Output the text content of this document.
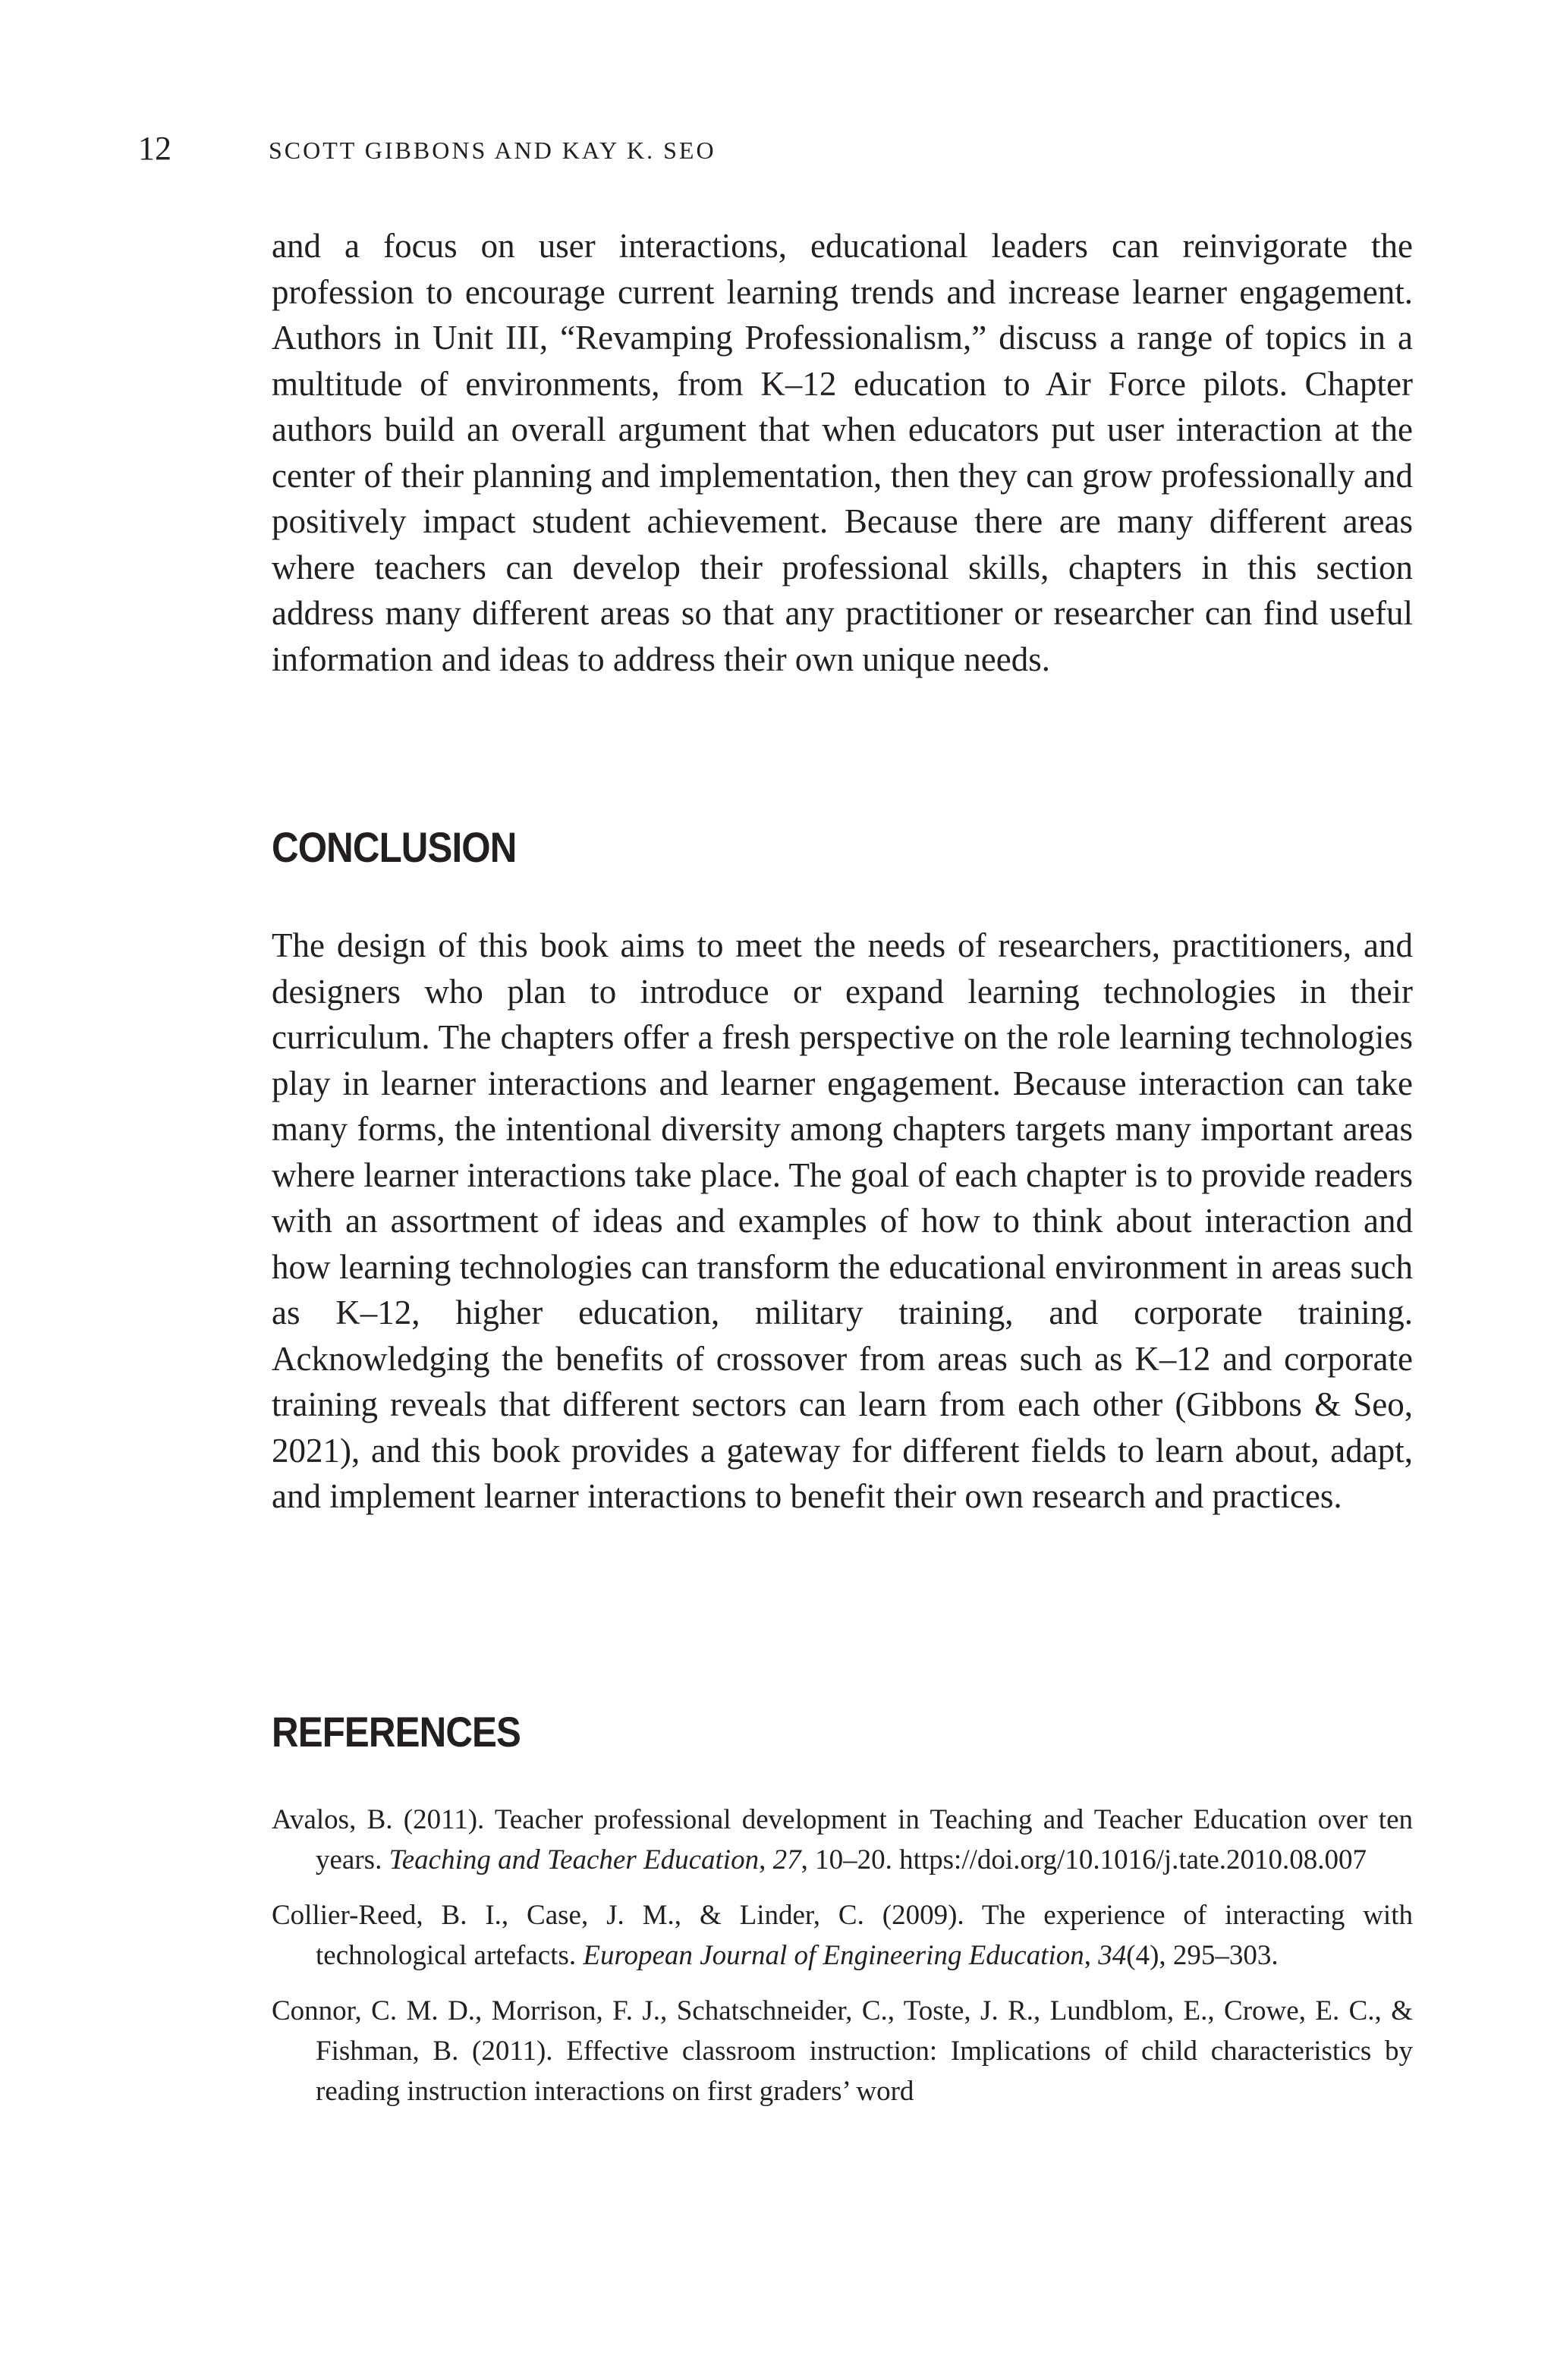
12	SCOTT GIBBONS AND KAY K. SEO

and a focus on user interactions, educational leaders can reinvigorate the profession to encourage current learning trends and increase learner engagement. Authors in Unit III, “Revamping Professionalism,” discuss a range of topics in a multitude of environments, from K–12 education to Air Force pilots. Chapter authors build an overall argument that when educators put user interaction at the center of their planning and implementation, then they can grow professionally and positively impact student achievement. Because there are many different areas where teachers can develop their professional skills, chapters in this section address many different areas so that any practitioner or researcher can find useful information and ideas to address their own unique needs.

CONCLUSION

The design of this book aims to meet the needs of researchers, practitioners, and designers who plan to introduce or expand learning technologies in their curriculum. The chapters offer a fresh perspective on the role learning technologies play in learner interactions and learner engagement. Because interaction can take many forms, the intentional diversity among chapters targets many important areas where learner interactions take place. The goal of each chapter is to provide readers with an assortment of ideas and examples of how to think about interaction and how learning technologies can transform the educational environment in areas such as K–12, higher education, military training, and corporate training. Acknowledging the benefits of crossover from areas such as K–12 and corporate training reveals that different sectors can learn from each other (Gibbons & Seo, 2021), and this book provides a gateway for different fields to learn about, adapt, and implement learner interactions to benefit their own research and practices.

REFERENCES
Avalos, B. (2011). Teacher professional development in Teaching and Teacher Education over ten years. Teaching and Teacher Education, 27, 10–20. https://doi.org/10.1016/j.tate.2010.08.007
Collier-Reed, B. I., Case, J. M., & Linder, C. (2009). The experience of interacting with technological artefacts. European Journal of Engineering Education, 34(4), 295–303.
Connor, C. M. D., Morrison, F. J., Schatschneider, C., Toste, J. R., Lundblom, E., Crowe, E. C., & Fishman, B. (2011). Effective classroom instruction: Implications of child characteristics by reading instruction interactions on first graders’ word
